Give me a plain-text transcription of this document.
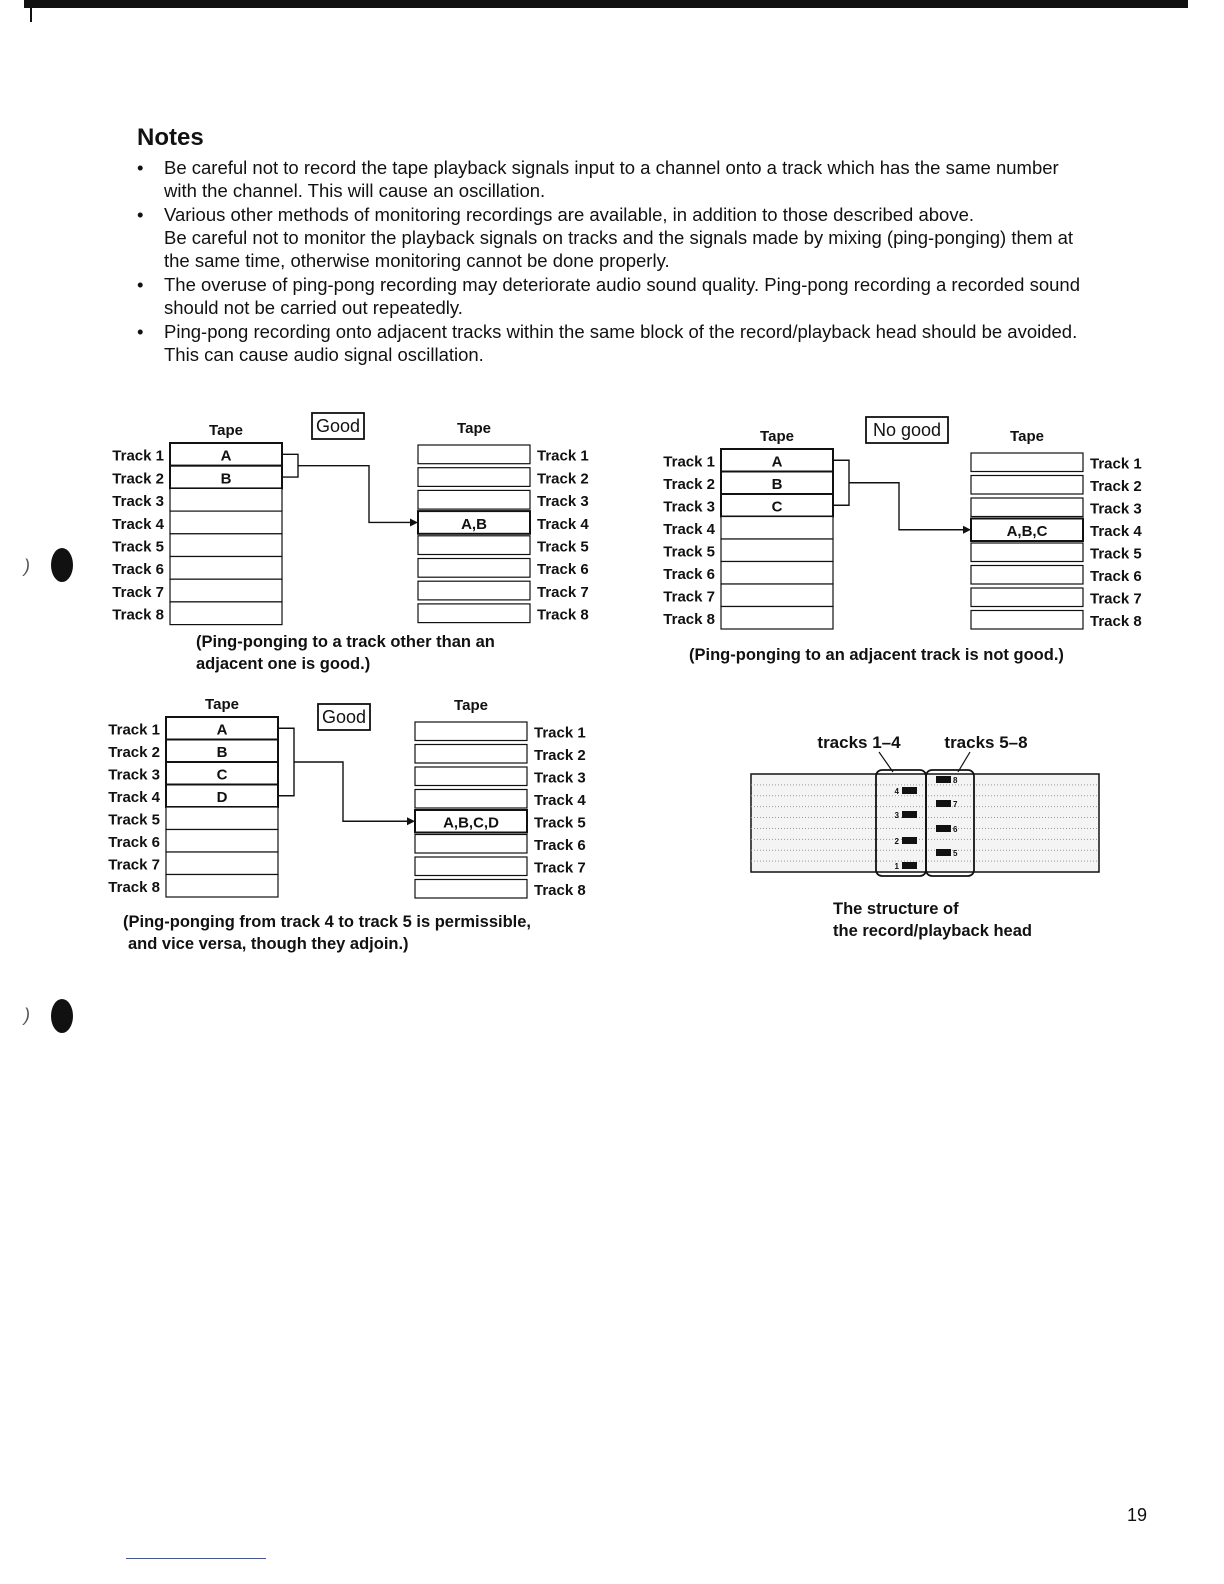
Notes
• Be careful not to record the tape playback signals input to a channel onto a track which has the same number
with the channel. This will cause an oscillation.
• Various other methods of monitoring recordings are available, in addition to those described above.
Be careful not to monitor the playback signals on tracks and the signals made by mixing (ping-ponging) them at
the same time, otherwise monitoring cannot be done properly.
• The overuse of ping-pong recording may deteriorate audio sound quality. Ping-pong recording a recorded sound
should not be carried out repeatedly.
• Ping-pong recording onto adjacent tracks within the same block of the record/playback head should be avoided.
This can cause audio signal oscillation.
)
)
Tape
Track 1	A
Track 2	B
Track 3
Track 4
Track 5
Track 6
Track 7
Track 8
Tape
Track 1
Track 2
Track 3
Track 4
A,B
Track 5
Track 6
Track 7
Track 8
Good
Tape
Track 1	A
Track 2	B
Track 3	C
Track 4
Track 5
Track 6
Track 7
Track 8
Tape
Track 1
Track 2
Track 3
Track 4
A,B,C
Track 5
Track 6
Track 7
Track 8
No good
Tape
Track 1	A
Track 2	B
Track 3	C
Track 4	D
Track 5
Track 6
Track 7
Track 8
Tape
Track 1
Track 2
Track 3
Track 4
Track 5
A,B,C,D
Track 6
Track 7
Track 8
Good
4
3
2
1
8
7
6
5
tracks 1–4	tracks 5–8
(Ping-ponging to a track other than an
adjacent one is good.)	(Ping-ponging to an adjacent track is not good.)
(Ping-ponging from track 4 to track 5 is permissible,
and vice versa, though they adjoin.)
The structure of
the record/playback head
19
